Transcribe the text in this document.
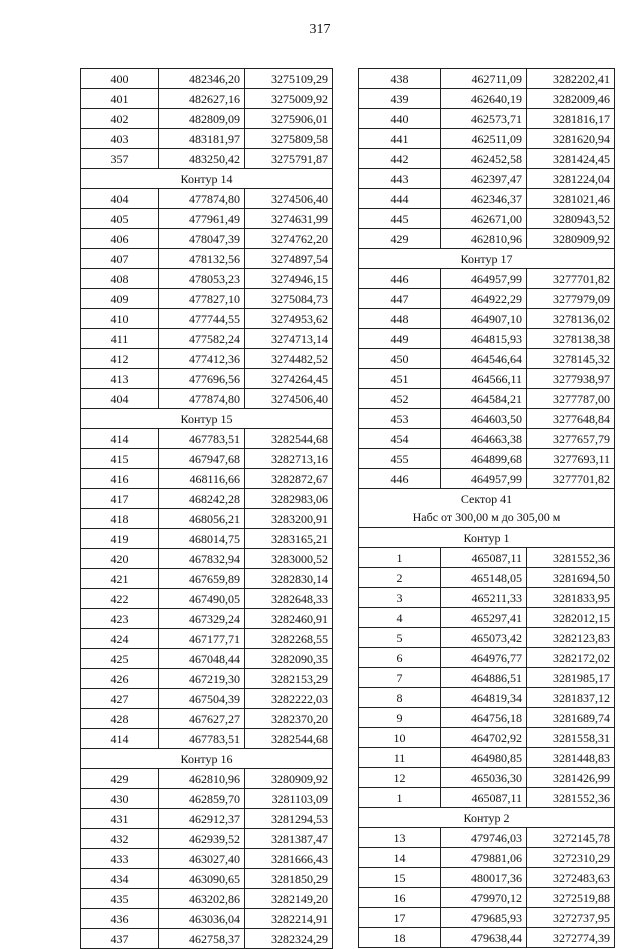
317
400	482346,20	3275109,29
401	482627,16	3275009,92
402	482809,09	3275906,01
403	483181,97	3275809,58
357	483250,42	3275791,87
Контур 14		
404	477874,80	3274506,40
405	477961,49	3274631,99
406	478047,39	3274762,20
407	478132,56	3274897,54
408	478053,23	3274946,15
409	477827,10	3275084,73
410	477744,55	3274953,62
411	477582,24	3274713,14
412	477412,36	3274482,52
413	477696,56	3274264,45
404	477874,80	3274506,40
Контур 15		
414	467783,51	3282544,68
415	467947,68	3282713,16
416	468116,66	3282872,67
417	468242,28	3282983,06
418	468056,21	3283200,91
419	468014,75	3283165,21
420	467832,94	3283000,52
421	467659,89	3282830,14
422	467490,05	3282648,33
423	467329,24	3282460,91
424	467177,71	3282268,55
425	467048,44	3282090,35
426	467219,30	3282153,29
427	467504,39	3282222,03
428	467627,27	3282370,20
414	467783,51	3282544,68
Контур 16		
429	462810,96	3280909,92
430	462859,70	3281103,09
431	462912,37	3281294,53
432	462939,52	3281387,47
433	463027,40	3281666,43
434	463090,65	3281850,29
435	463202,86	3282149,20
436	463036,04	3282214,91
437	462758,37	3282324,29
438	462711,09	3282202,41
439	462640,19	3282009,46
440	462573,71	3281816,17
441	462511,09	3281620,94
442	462452,58	3281424,45
443	462397,47	3281224,04
444	462346,37	3281021,46
445	462671,00	3280943,52
429	462810,96	3280909,92
Контур 17		
446	464957,99	3277701,82
447	464922,29	3277979,09
448	464907,10	3278136,02
449	464815,93	3278138,38
450	464546,64	3278145,32
451	464566,11	3277938,97
452	464584,21	3277787,00
453	464603,50	3277648,84
454	464663,38	3277657,79
455	464899,68	3277693,11
446	464957,99	3277701,82

Сектор 41
Набс от 300,00 м до 305,00 м		

Контур 1		
1	465087,11	3281552,36
2	465148,05	3281694,50
3	465211,33	3281833,95
4	465297,41	3282012,15
5	465073,42	3282123,83
6	464976,77	3282172,02
7	464886,51	3281985,17
8	464819,34	3281837,12
9	464756,18	3281689,74
10	464702,92	3281558,31
11	464980,85	3281448,83
12	465036,30	3281426,99
1	465087,11	3281552,36
Контур 2		
13	479746,03	3272145,78
14	479881,06	3272310,29
15	480017,36	3272483,63
16	479970,12	3272519,88
17	479685,93	3272737,95
18	479638,44	3272774,39
